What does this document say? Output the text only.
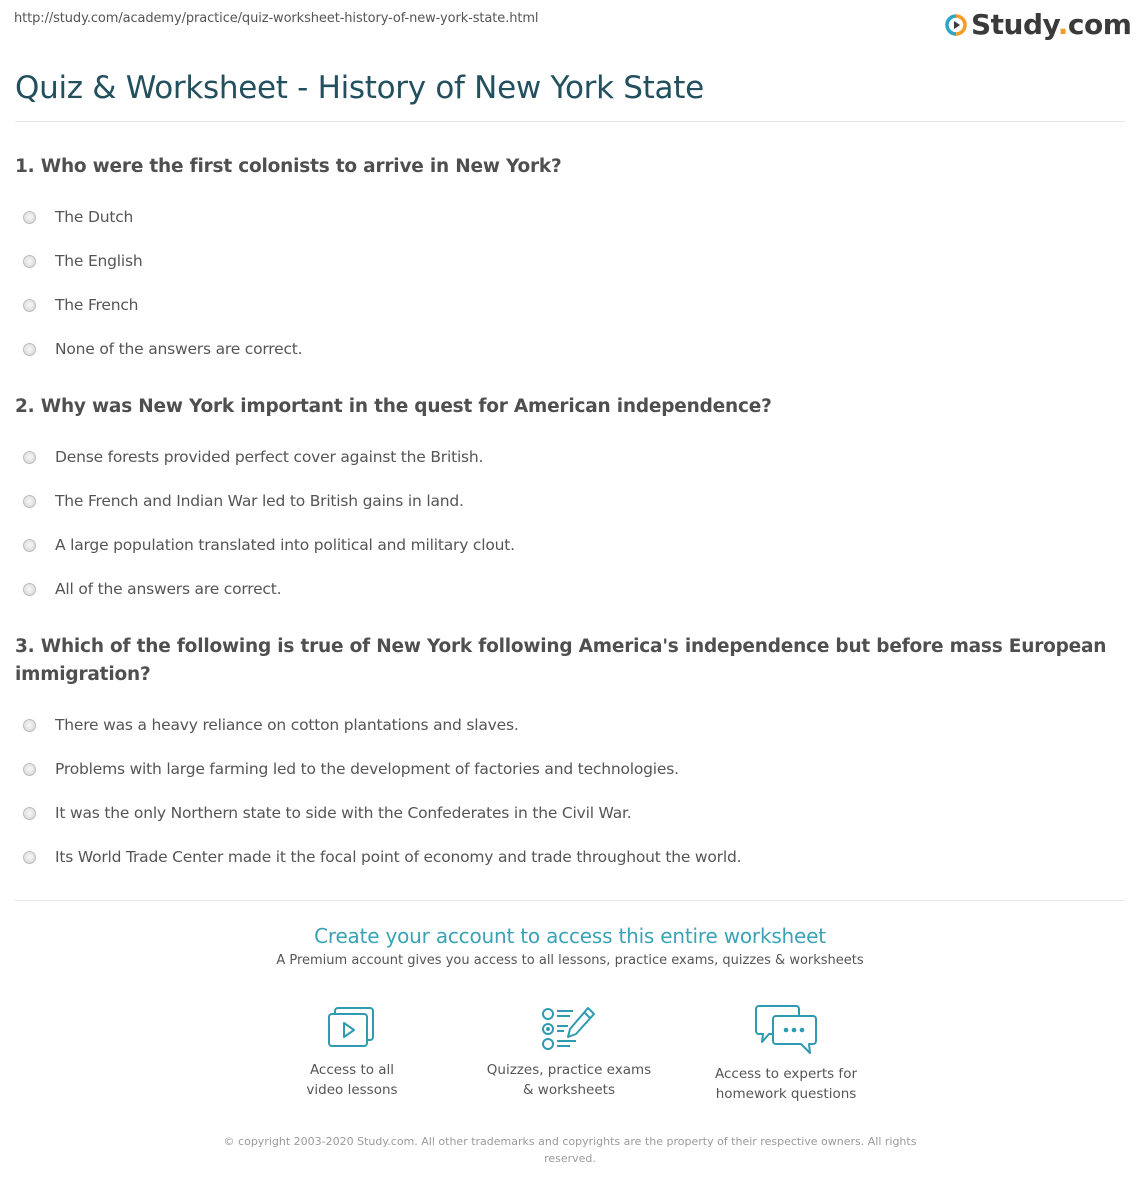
http://study.com/academy/practice/quiz-worksheet-history-of-new-york-state.html	Study.com
Quiz & Worksheet - History of New York State
1. Who were the first colonists to arrive in New York?
The Dutch
The English
The French
None of the answers are correct.
2. Why was New York important in the quest for American independence?
Dense forests provided perfect cover against the British.
The French and Indian War led to British gains in land.
A large population translated into political and military clout.
All of the answers are correct.
3. Which of the following is true of New York following America's independence but before mass European immigration?
There was a heavy reliance on cotton plantations and slaves.
Problems with large farming led to the development of factories and technologies.
It was the only Northern state to side with the Confederates in the Civil War.
Its World Trade Center made it the focal point of economy and trade throughout the world.
Create your account to access this entire worksheet
A Premium account gives you access to all lessons, practice exams, quizzes & worksheets
Access to all
video lessons
Quizzes, practice exams
& worksheets
Access to experts for
homework questions
© copyright 2003-2020 Study.com. All other trademarks and copyrights are the property of their respective owners. All rights reserved.
